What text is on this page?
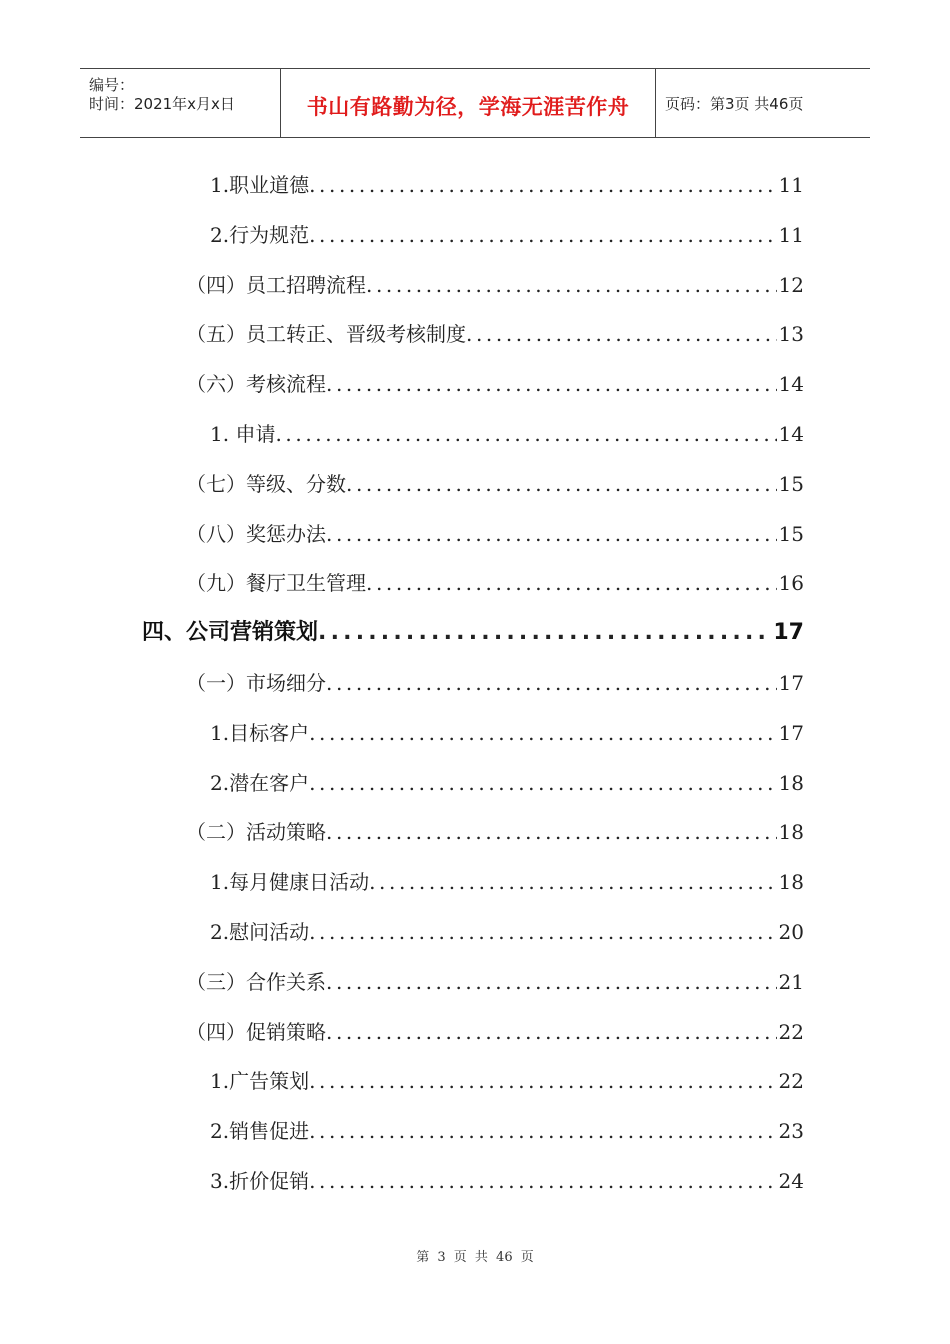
编号：
时间：2021年x月x日	书山有路勤为径，学海无涯苦作舟	页码：第3页 共46页
1.职业道德 .....	11
2.行为规范 .....	11
（四）员工招聘流程 .....	12
（五）员工转正、晋级考核制度 .....	13
（六）考核流程 .....	14
1. 申请 .....	14
（七）等级、分数 .....	15
（八）奖惩办法 .....	15
（九）餐厅卫生管理 .....	16
四、公司营销策划 .....	17
（一）市场细分 .....	17
1.目标客户 .....	17
2.潜在客户 .....	18
（二）活动策略 .....	18
1.每月健康日活动 .....	18
2.慰问活动 .....	20
（三）合作关系 .....	21
（四）促销策略 .....	22
1.广告策划 .....	22
2.销售促进 .....	23
3.折价促销 .....	24
第 3 页 共 46 页
